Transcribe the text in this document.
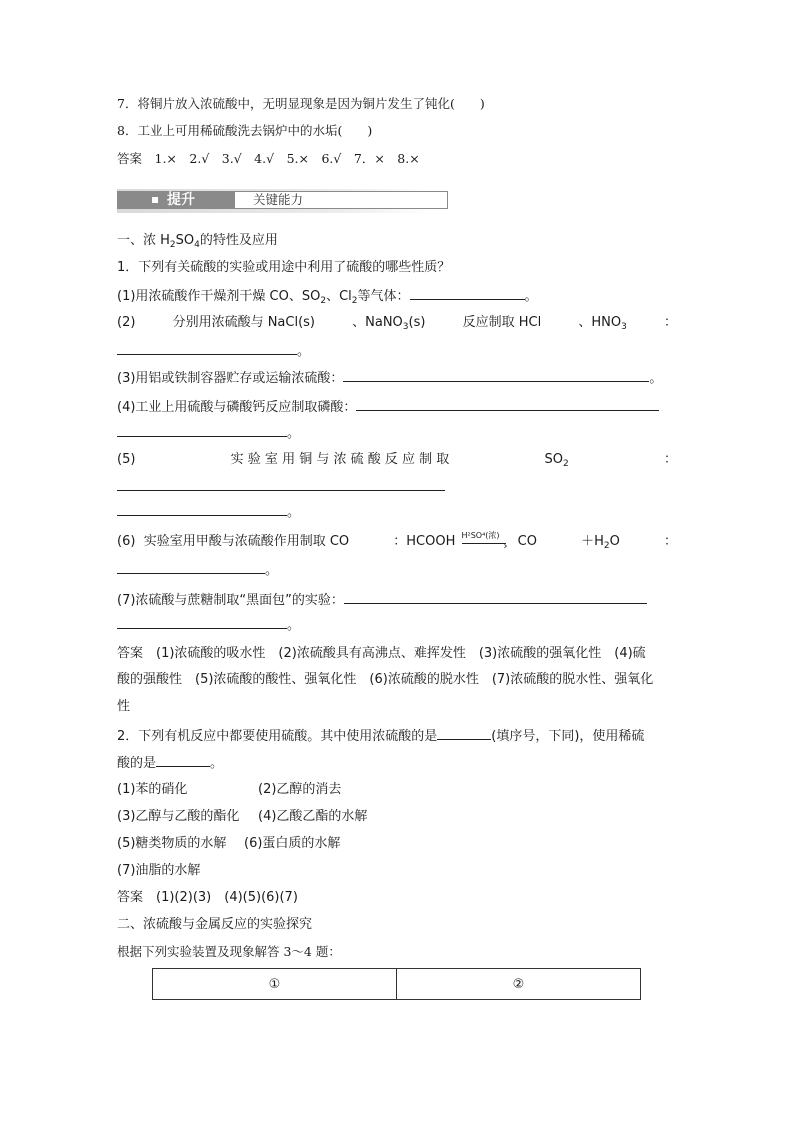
7．将铜片放入浓硫酸中，无明显现象是因为铜片发生了钝化(　　)
8．工业上可用稀硫酸洗去锅炉中的水垢(　　)
答案　1.×　2.√　3.√　4.√　5.×　6.√　7．×　8.×
提升	关键能力
一、浓 $H_2SO_4$的特性及应用
1．下列有关硫酸的实验或用途中利用了硫酸的哪些性质？
(1)用浓硫酸作干燥剂干燥 CO、$SO_2$、$Cl_2$等气体：	。
(2)	分别用浓硫酸与 NaCl(s)	、NaNO$_3$(s)	反应制取 HCl	、$HNO_3$	：
。
(3)用铝或铁制容器贮存或运输浓硫酸：	。
(4)工业上用硫酸与磷酸钙反应制取磷酸：
。
(5)	实 验 室 用 铜 与 浓 硫 酸 反 应 制 取	$SO_2$	：
。
(6) 实验室用甲酸与浓硫酸作用制取 CO	：HCOOH H²SO⁴(浓)
› CO	$+H_2O$	：
。
(7)浓硫酸与蔗糖制取“黑面包”的实验：
。
答案　(1)浓硫酸的吸水性　(2)浓硫酸具有高沸点、难挥发性　(3)浓硫酸的强氧化性　(4)硫
酸的强酸性　(5)浓硫酸的酸性、强氧化性　(6)浓硫酸的脱水性　(7)浓硫酸的脱水性、强氧化
性
2．下列有机反应中都要使用硫酸。其中使用浓硫酸的是	(填序号，下同)，使用稀硫
酸的是	。
(1)苯的硝化	(2)乙醇的消去
(3)乙醇与乙酸的酯化 (4)乙酸乙酯的水解
(5)糖类物质的水解 (6)蛋白质的水解
(7)油脂的水解
答案　(1)(2)(3)　(4)(5)(6)(7)
二、浓硫酸与金属反应的实验探究
根据下列实验装置及现象解答 3～4 题：
①	②
